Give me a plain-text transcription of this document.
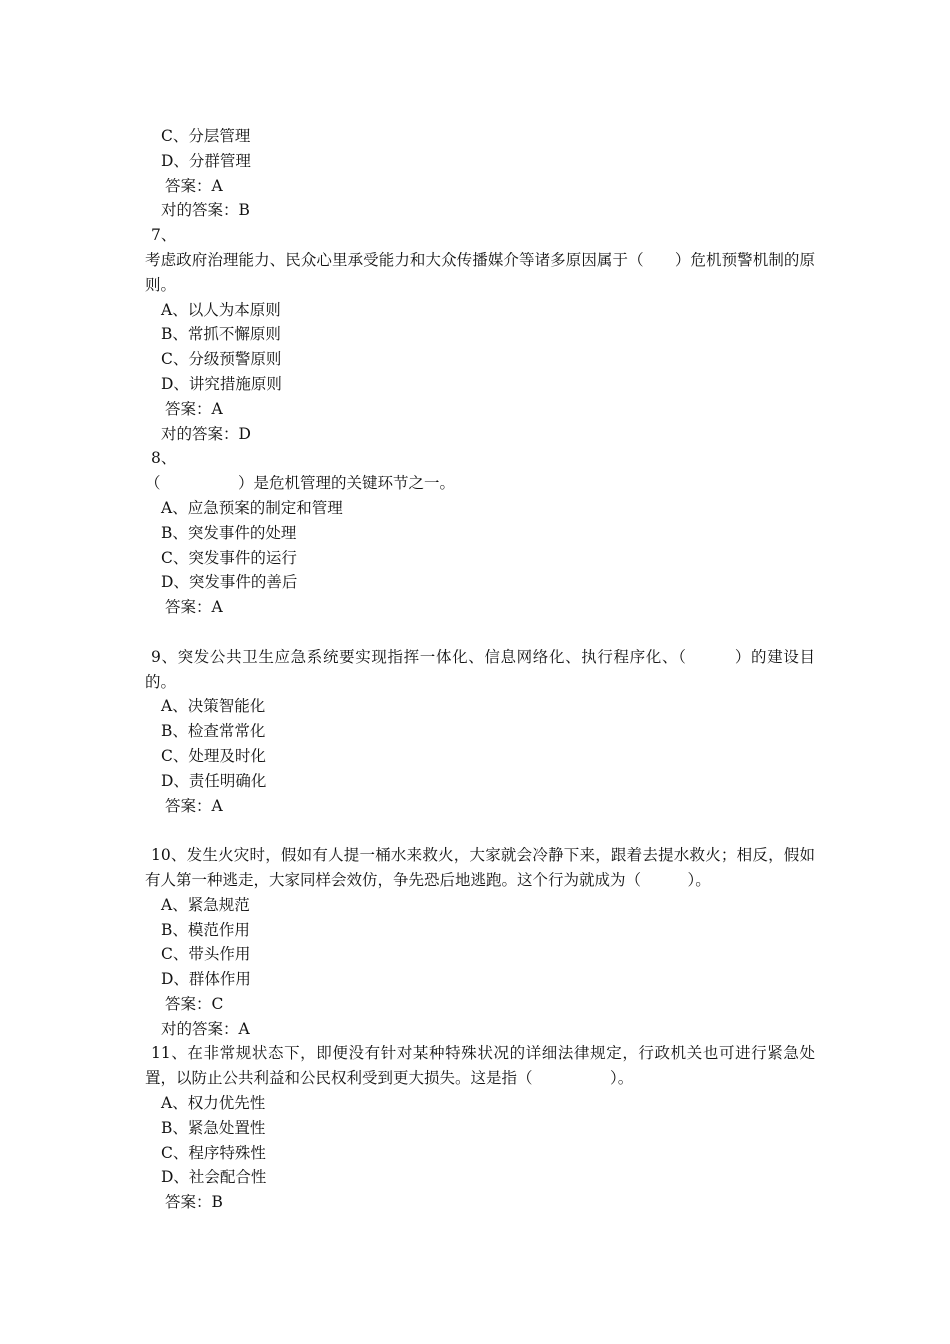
C、分层管理
D、分群管理
答案：A
对的答案：B
7、
考虑政府治理能力、民众心里承受能力和大众传播媒介等诸多原因属于（　　）危机预警机制的原则。
A、以人为本原则
B、常抓不懈原则
C、分级预警原则
D、讲究措施原则
答案：A
对的答案：D
8、
（　　　　　）是危机管理的关键环节之一。
A、应急预案的制定和管理
B、突发事件的处理
C、突发事件的运行
D、突发事件的善后
答案：A
9、突发公共卫生应急系统要实现指挥一体化、信息网络化、执行程序化、（　　　）的建设目的。
A、决策智能化
B、检查常常化
C、处理及时化
D、责任明确化
答案：A
10、发生火灾时，假如有人提一桶水来救火，大家就会冷静下来，跟着去提水救火；相反，假如有人第一种逃走，大家同样会效仿，争先恐后地逃跑。这个行为就成为（　　　）。
A、紧急规范
B、模范作用
C、带头作用
D、群体作用
答案：C
对的答案：A
11、在非常规状态下，即便没有针对某种特殊状况的详细法律规定，行政机关也可进行紧急处置，以防止公共利益和公民权利受到更大损失。这是指（　　　　　）。
A、权力优先性
B、紧急处置性
C、程序特殊性
D、社会配合性
答案：B
